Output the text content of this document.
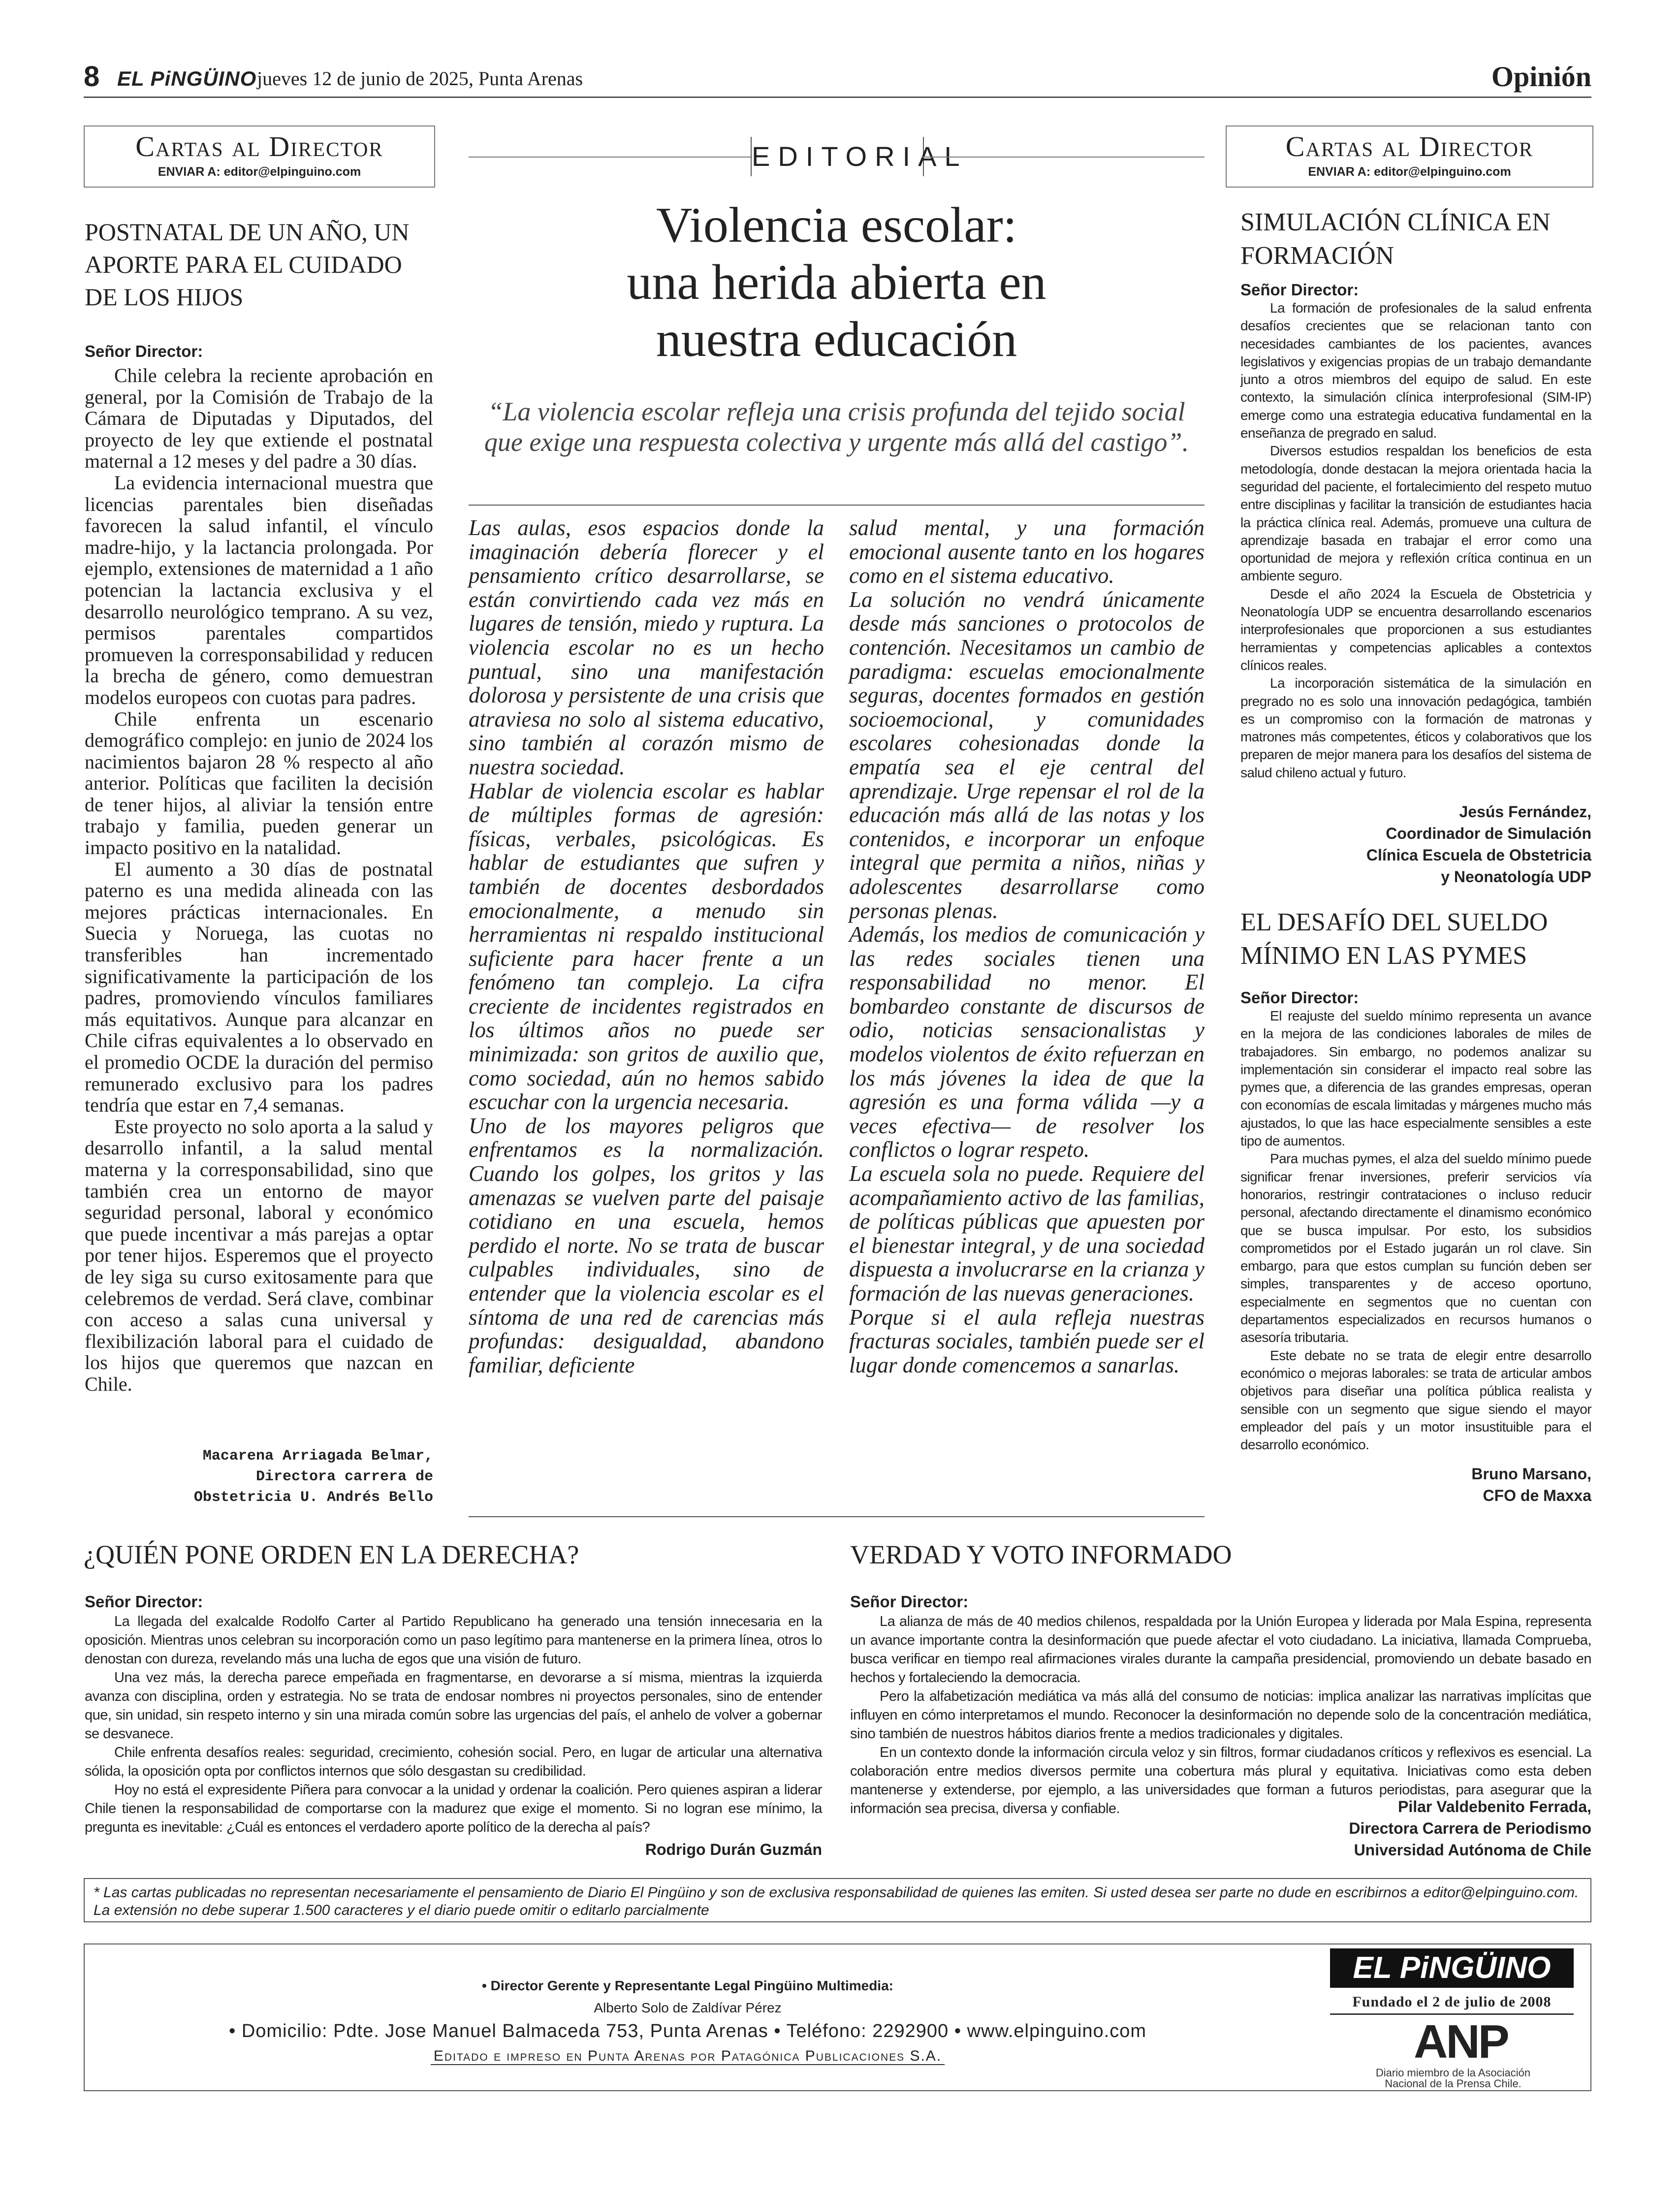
8 EL PiNGÜINO jueves 12 de junio de 2025, Punta Arenas	Opinión
Cartas al Director
ENVIAR A: editor@elpinguino.com
POSTNATAL DE UN AÑO, UN APORTE PARA EL CUIDADO DE LOS HIJOS
Señor Director:

Chile celebra la reciente aprobación en general, por la Comisión de Trabajo de la Cámara de Diputadas y Diputados, del proyecto de ley que extiende el postnatal maternal a 12 meses y del padre a 30 días.

La evidencia internacional muestra que licencias parentales bien diseñadas favorecen la salud infantil, el vínculo madre-hijo, y la lactancia prolongada. Por ejemplo, extensiones de maternidad a 1 año potencian la lactancia exclusiva y el desarrollo neurológico temprano. A su vez, permisos parentales compartidos promueven la corresponsabilidad y reducen la brecha de género, como demuestran modelos europeos con cuotas para padres.

Chile enfrenta un escenario demográfico complejo: en junio de 2024 los nacimientos bajaron 28 % respecto al año anterior. Políticas que faciliten la decisión de tener hijos, al aliviar la tensión entre trabajo y familia, pueden generar un impacto positivo en la natalidad.

El aumento a 30 días de postnatal paterno es una medida alineada con las mejores prácticas internacionales. En Suecia y Noruega, las cuotas no transferibles han incrementado significativamente la participación de los padres, promoviendo vínculos familiares más equitativos. Aunque para alcanzar en Chile cifras equivalentes a lo observado en el promedio OCDE la duración del permiso remunerado exclusivo para los padres tendría que estar en 7,4 semanas.

Este proyecto no solo aporta a la salud y desarrollo infantil, a la salud mental materna y la corresponsabilidad, sino que también crea un entorno de mayor seguridad personal, laboral y económico que puede incentivar a más parejas a optar por tener hijos. Esperemos que el proyecto de ley siga su curso exitosamente para que celebremos de verdad. Será clave, combinar con acceso a salas cuna universal y flexibilización laboral para el cuidado de los hijos que queremos que nazcan en Chile.

Macarena Arriagada Belmar,
Directora carrera de
Obstetricia U. Andrés Bello
EDITORIAL
Violencia escolar:
una herida abierta en
nuestra educación
“La violencia escolar refleja una crisis profunda del tejido social que exige una respuesta colectiva y urgente más allá del castigo”.

Las aulas, esos espacios donde la imaginación debería florecer y el pensamiento crítico desarrollarse, se están convirtiendo cada vez más en lugares de tensión, miedo y ruptura. La violencia escolar no es un hecho puntual, sino una manifestación dolorosa y persistente de una crisis que atraviesa no solo al sistema educativo, sino también al corazón mismo de nuestra sociedad.

Hablar de violencia escolar es hablar de múltiples formas de agresión: físicas, verbales, psicológicas. Es hablar de estudiantes que sufren y también de docentes desbordados emocionalmente, a menudo sin herramientas ni respaldo institucional suficiente para hacer frente a un fenómeno tan complejo. La cifra creciente de incidentes registrados en los últimos años no puede ser minimizada: son gritos de auxilio que, como sociedad, aún no hemos sabido escuchar con la urgencia necesaria.

Uno de los mayores peligros que enfrentamos es la normalización. Cuando los golpes, los gritos y las amenazas se vuelven parte del paisaje cotidiano en una escuela, hemos perdido el norte. No se trata de buscar culpables individuales, sino de entender que la violencia escolar es el síntoma de una red de carencias más profundas: desigualdad, abandono familiar, deficiente

salud mental, y una formación emocional ausente tanto en los hogares como en el sistema educativo.

La solución no vendrá únicamente desde más sanciones o protocolos de contención. Necesitamos un cambio de paradigma: escuelas emocionalmente seguras, docentes formados en gestión socioemocional, y comunidades escolares cohesionadas donde la empatía sea el eje central del aprendizaje. Urge repensar el rol de la educación más allá de las notas y los contenidos, e incorporar un enfoque integral que permita a niños, niñas y adolescentes desarrollarse como personas plenas.

Además, los medios de comunicación y las redes sociales tienen una responsabilidad no menor. El bombardeo constante de discursos de odio, noticias sensacionalistas y modelos violentos de éxito refuerzan en los más jóvenes la idea de que la agresión es una forma válida —y a veces efectiva— de resolver los conflictos o lograr respeto.

La escuela sola no puede. Requiere del acompañamiento activo de las familias, de políticas públicas que apuesten por el bienestar integral, y de una sociedad dispuesta a involucrarse en la crianza y formación de las nuevas generaciones.

Porque si el aula refleja nuestras fracturas sociales, también puede ser el lugar donde comencemos a sanarlas.

Cartas al Director
ENVIAR A: editor@elpinguino.com
SIMULACIÓN CLÍNICA EN FORMACIÓN
Señor Director:

La formación de profesionales de la salud enfrenta desafíos crecientes que se relacionan tanto con necesidades cambiantes de los pacientes, avances legislativos y exigencias propias de un trabajo demandante junto a otros miembros del equipo de salud. En este contexto, la simulación clínica interprofesional (SIM-IP) emerge como una estrategia educativa fundamental en la enseñanza de pregrado en salud.

Diversos estudios respaldan los beneficios de esta metodología, donde destacan la mejora orientada hacia la seguridad del paciente, el fortalecimiento del respeto mutuo entre disciplinas y facilitar la transición de estudiantes hacia la práctica clínica real. Además, promueve una cultura de aprendizaje basada en trabajar el error como una oportunidad de mejora y reflexión crítica continua en un ambiente seguro.

Desde el año 2024 la Escuela de Obstetricia y Neonatología UDP se encuentra desarrollando escenarios interprofesionales que proporcionen a sus estudiantes herramientas y competencias aplicables a contextos clínicos reales.

La incorporación sistemática de la simulación en pregrado no es solo una innovación pedagógica, también es un compromiso con la formación de matronas y matrones más competentes, éticos y colaborativos que los preparen de mejor manera para los desafíos del sistema de salud chileno actual y futuro.

Jesús Fernández,
Coordinador de Simulación
Clínica Escuela de Obstetricia
y Neonatología UDP
EL DESAFÍO DEL SUELDO MÍNIMO EN LAS PYMES
Señor Director:

El reajuste del sueldo mínimo representa un avance en la mejora de las condiciones laborales de miles de trabajadores. Sin embargo, no podemos analizar su implementación sin considerar el impacto real sobre las pymes que, a diferencia de las grandes empresas, operan con economías de escala limitadas y márgenes mucho más ajustados, lo que las hace especialmente sensibles a este tipo de aumentos.

Para muchas pymes, el alza del sueldo mínimo puede significar frenar inversiones, preferir servicios vía honorarios, restringir contrataciones o incluso reducir personal, afectando directamente el dinamismo económico que se busca impulsar. Por esto, los subsidios comprometidos por el Estado jugarán un rol clave. Sin embargo, para que estos cumplan su función deben ser simples, transparentes y de acceso oportuno, especialmente en segmentos que no cuentan con departamentos especializados en recursos humanos o asesoría tributaria.

Este debate no se trata de elegir entre desarrollo económico o mejoras laborales: se trata de articular ambos objetivos para diseñar una política pública realista y sensible con un segmento que sigue siendo el mayor empleador del país y un motor insustituible para el desarrollo económico.

Bruno Marsano,
CFO de Maxxa
¿QUIÉN PONE ORDEN EN LA DERECHA?
Señor Director:

La llegada del exalcalde Rodolfo Carter al Partido Republicano ha generado una tensión innecesaria en la oposición. Mientras unos celebran su incorporación como un paso legítimo para mantenerse en la primera línea, otros lo denostan con dureza, revelando más una lucha de egos que una visión de futuro.

Una vez más, la derecha parece empeñada en fragmentarse, en devorarse a sí misma, mientras la izquierda avanza con disciplina, orden y estrategia. No se trata de endosar nombres ni proyectos personales, sino de entender que, sin unidad, sin respeto interno y sin una mirada común sobre las urgencias del país, el anhelo de volver a gobernar se desvanece.

Chile enfrenta desafíos reales: seguridad, crecimiento, cohesión social. Pero, en lugar de articular una alternativa sólida, la oposición opta por conflictos internos que sólo desgastan su credibilidad.

Hoy no está el expresidente Piñera para convocar a la unidad y ordenar la coalición. Pero quienes aspiran a liderar Chile tienen la responsabilidad de comportarse con la madurez que exige el momento. Si no logran ese mínimo, la pregunta es inevitable: ¿Cuál es entonces el verdadero aporte político de la derecha al país?

Rodrigo Durán Guzmán
VERDAD Y VOTO INFORMADO
Señor Director:

La alianza de más de 40 medios chilenos, respaldada por la Unión Europea y liderada por Mala Espina, representa un avance importante contra la desinformación que puede afectar el voto ciudadano. La iniciativa, llamada Comprueba, busca verificar en tiempo real afirmaciones virales durante la campaña presidencial, promoviendo un debate basado en hechos y fortaleciendo la democracia.

Pero la alfabetización mediática va más allá del consumo de noticias: implica analizar las narrativas implícitas que influyen en cómo interpretamos el mundo. Reconocer la desinformación no depende solo de la concentración mediática, sino también de nuestros hábitos diarios frente a medios tradicionales y digitales.

En un contexto donde la información circula veloz y sin filtros, formar ciudadanos críticos y reflexivos es esencial. La colaboración entre medios diversos permite una cobertura más plural y equitativa. Iniciativas como esta deben mantenerse y extenderse, por ejemplo, a las universidades que forman a futuros periodistas, para asegurar que la información sea precisa, diversa y confiable.	Pilar Valdebenito Ferrada,
Directora Carrera de Periodismo
Universidad Autónoma de Chile
* Las cartas publicadas no representan necesariamente el pensamiento de Diario El Pingüino y son de exclusiva responsabilidad de quienes las emiten. Si usted desea ser parte no dude en escribirnos a editor@elpinguino.com. La extensión no debe superar 1.500 caracteres y el diario puede omitir o editarlo parcialmente
• Director Gerente y Representante Legal Pingüino Multimedia:
Alberto Solo de Zaldívar Pérez
• Domicilio: Pdte. Jose Manuel Balmaceda 753, Punta Arenas • Teléfono: 2292900 • www.elpinguino.com
Editado e impreso en Punta Arenas por Patagónica Publicaciones S.A.
EL PiNGÜINO
Fundado el 2 de julio de 2008
ANP
Diario miembro de la Asociación
Nacional de la Prensa Chile.
